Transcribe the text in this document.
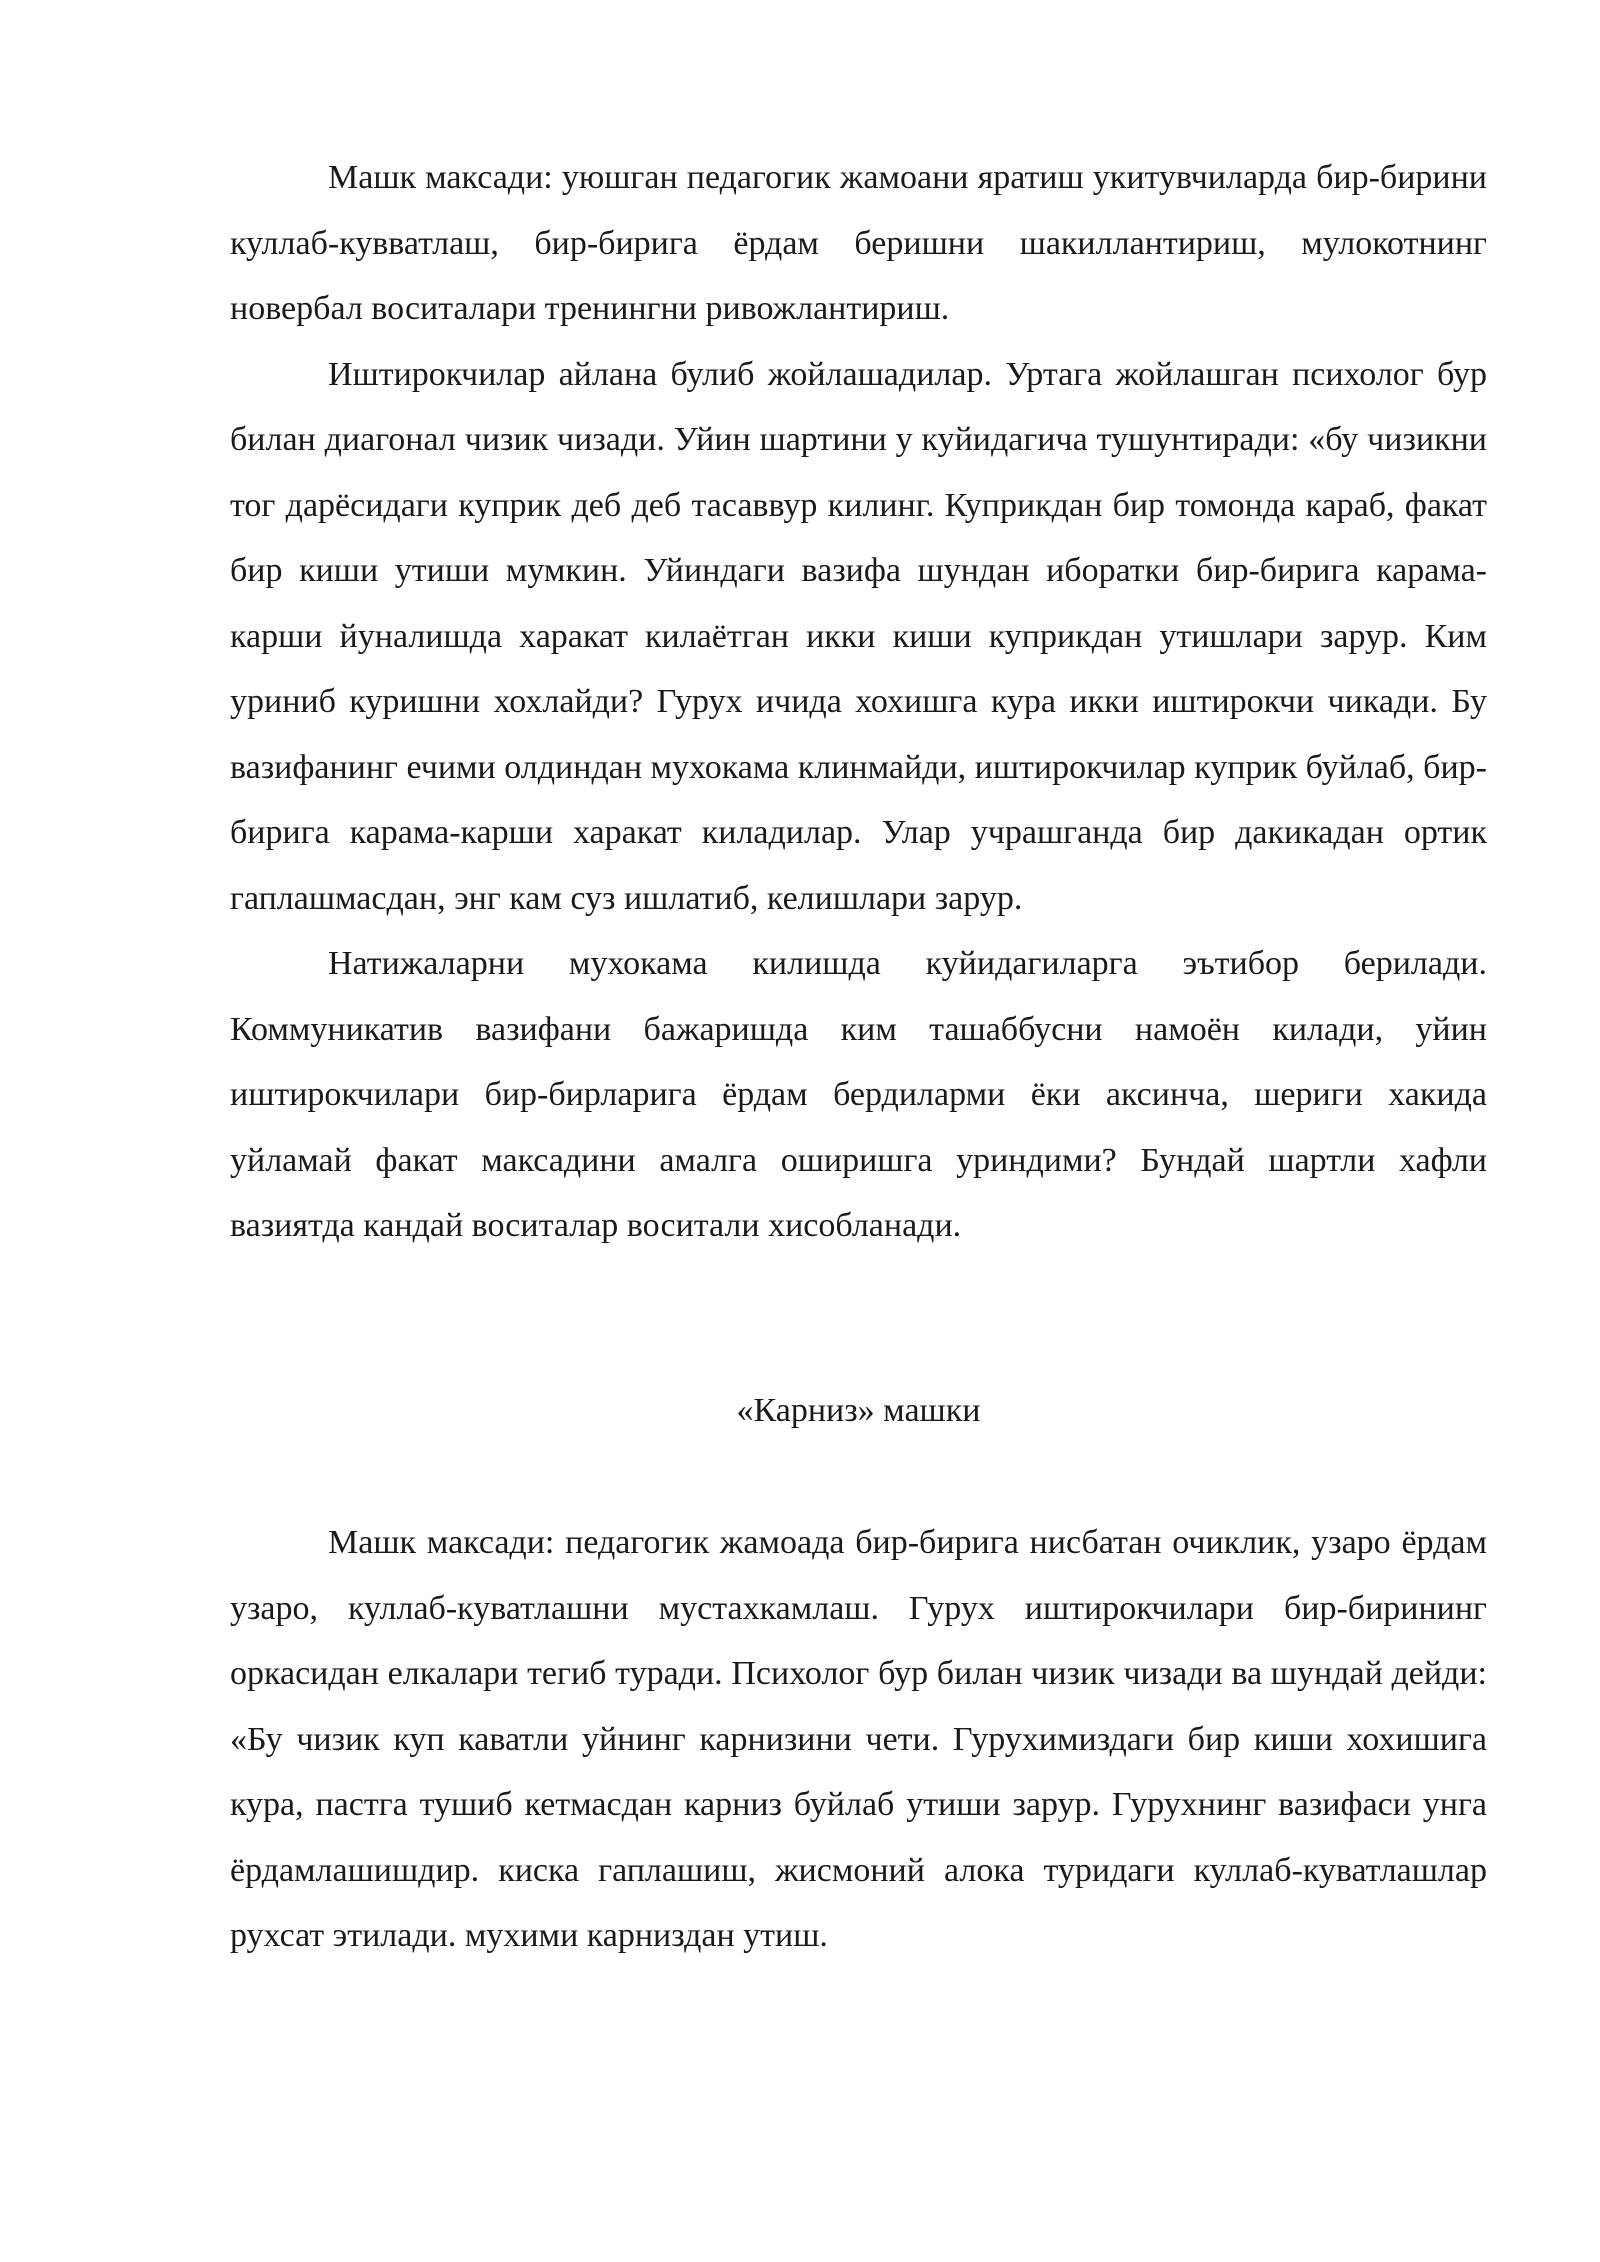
Машк максади: уюшган педагогик жамоани яратиш укитувчиларда бир-бирини куллаб-кувватлаш, бир-бирига ёрдам беришни шакиллантириш, мулокотнинг новербал воситалари тренингни ривожлантириш.

Иштирокчилар айлана булиб жойлашадилар. Уртага жойлашган психолог бур билан диагонал чизик чизади. Уйин шартини у куйидагича тушунтиради: «бу чизикни тог дарёсидаги куприк деб деб тасаввур килинг. Куприкдан бир томонда караб, факат бир киши утиши мумкин. Уйиндаги вазифа шундан иборатки бир-бирига карама-карши йуналишда харакат килаётган икки киши куприкдан утишлари зарур. Ким уриниб куришни хохлайди? Гурух ичида хохишга кура икки иштирокчи чикади. Бу вазифанинг ечими олдиндан мухокама клинмайди, иштирокчилар куприк буйлаб, бир-бирига карама-карши харакат киладилар. Улар учрашганда бир дакикадан ортик гаплашмасдан, энг кам суз ишлатиб, келишлари зарур.

Натижаларни мухокама килишда куйидагиларга эътибор берилади. Коммуникатив вазифани бажаришда ким ташаббусни намоён килади, уйин иштирокчилари бир-бирларига ёрдам бердиларми ёки аксинча, шериги хакида уйламай факат максадини амалга оширишга уриндими? Бундай шартли хафли вазиятда кандай воситалар воситали хисобланади.

«Карниз» машки

Машк максади: педагогик жамоада бир-бирига нисбатан очиклик, узаро ёрдам узаро, куллаб-куватлашни мустахкамлаш. Гурух иштирокчилари бир-бирининг оркасидан елкалари тегиб туради. Психолог бур билан чизик чизади ва шундай дейди: «Бу чизик куп каватли уйнинг карнизини чети. Гурухимиздаги бир киши хохишига кура, пастга тушиб кетмасдан карниз буйлаб утиши зарур. Гурухнинг вазифаси унга ёрдамлашишдир. киска гаплашиш, жисмоний алока туридаги куллаб-куватлашлар рухсат этилади. мухими карниздан утиш.
